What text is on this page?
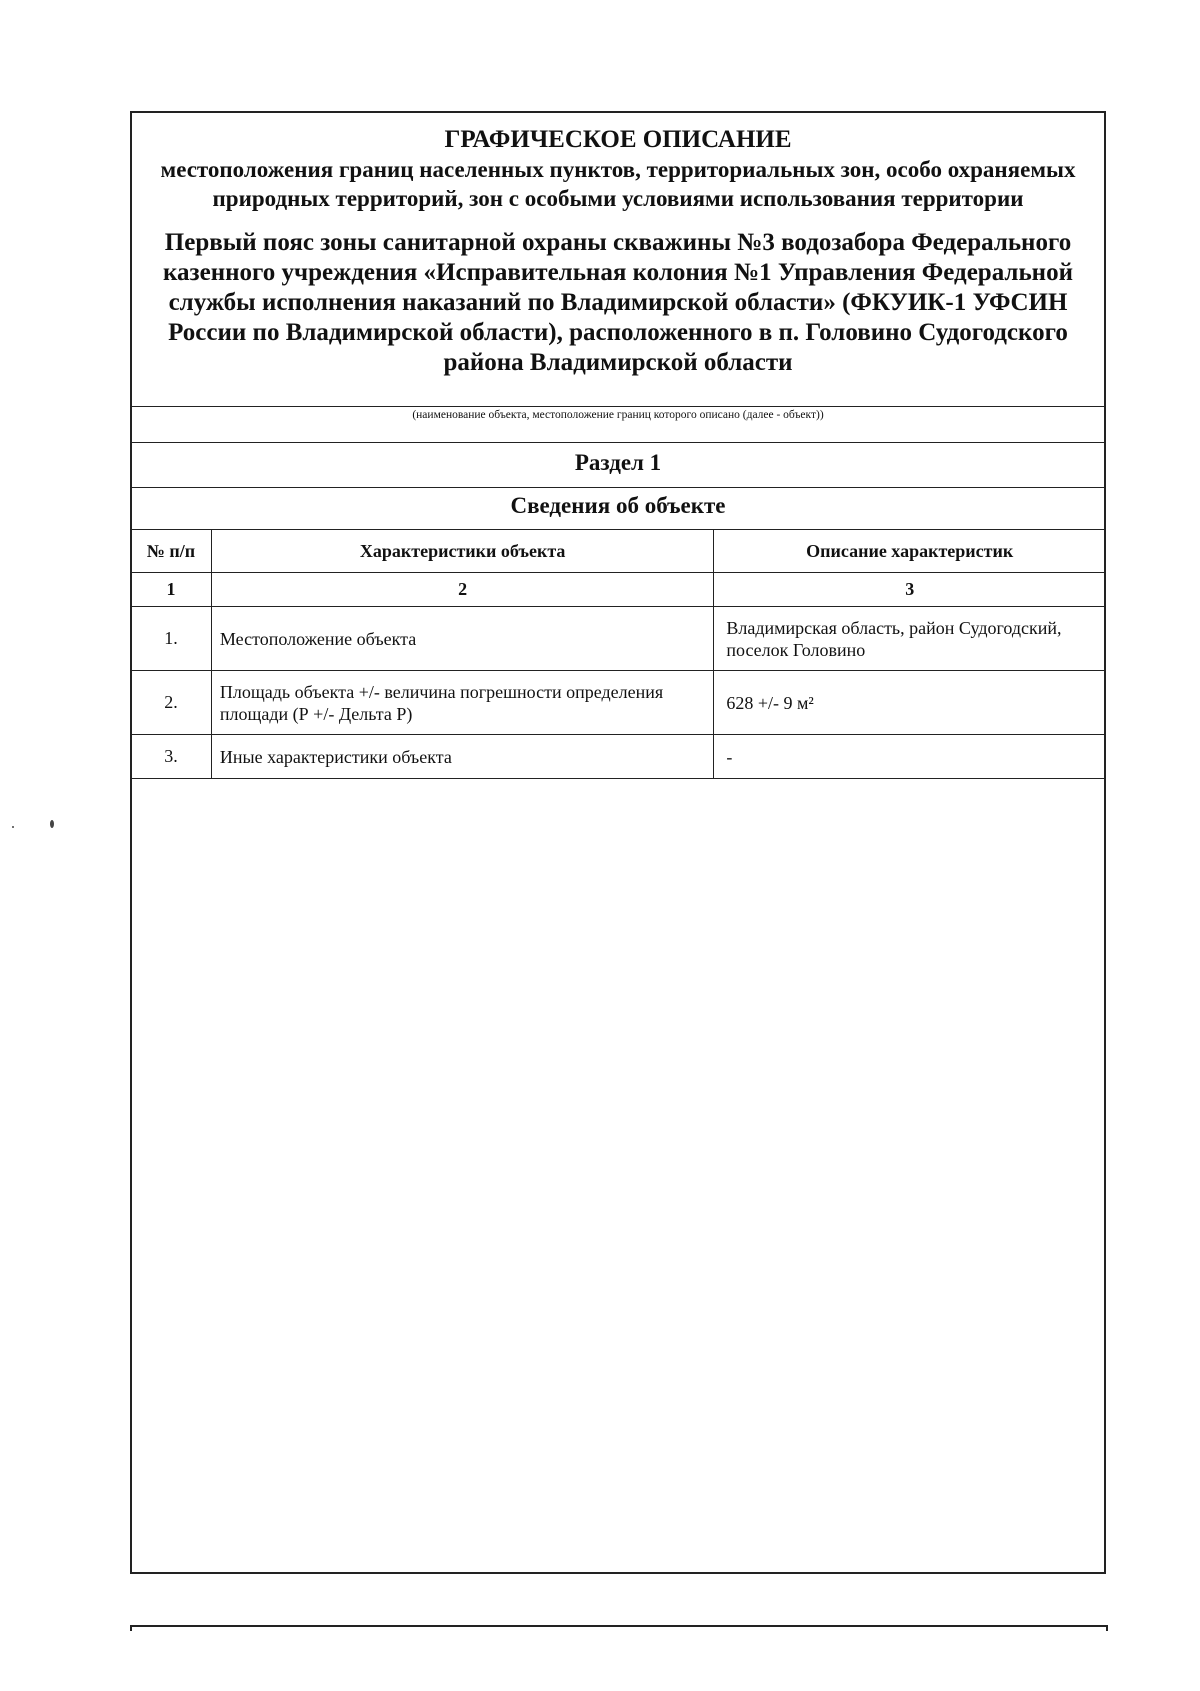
ГРАФИЧЕСКОЕ ОПИСАНИЕ
местоположения границ населенных пунктов, территориальных зон, особо охраняемых природных территорий, зон с особыми условиями использования территории
Первый пояс зоны санитарной охраны скважины №3 водозабора Федерального казенного учреждения «Исправительная колония №1 Управления Федеральной службы исполнения наказаний по Владимирской области» (ФКУИК-1 УФСИН России по Владимирской области), расположенного в п. Головино Судогодского района Владимирской области
(наименование объекта, местоположение границ которого описано (далее - объект))
Раздел 1
Сведения об объекте
№ п/п	Характеристики объекта	Описание характеристик
1	2	3
1.	Местоположение объекта	Владимирская область, район Судогодский, поселок Головино
2.	Площадь объекта +/- величина погрешности определения площади (Р +/- Дельта Р)	628 +/- 9 м²
3.	Иные характеристики объекта	-
